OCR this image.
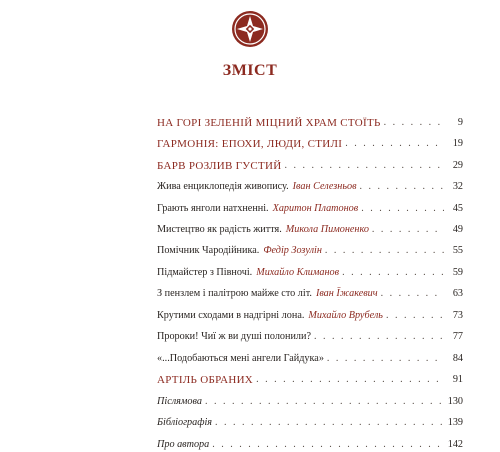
ЗМІСТ
НА ГОРІ ЗЕЛЕНІЙ МІЦНИЙ ХРАМ СТОЇТЬ . . .	9
ГАРМОНІЯ: ЕПОХИ, ЛЮДИ, СТИЛІ . . .	19
БАРВ РОЗЛИВ ГУСТИЙ . . .	29
Жива енциклопедія живопису. Іван Селезньов . . .	32
Грають янголи натхненні. Харитон Платонов . . .	45
Мистецтво як радість життя. Микола Пимоненко . . .	49
Помічник Чародійника. Федір Зозулін . . .	55
Підмайстер з Півночі. Михайло Климанов . . .	59
З пензлем і палітрою майже сто літ. Іван Їжакевич . . .	63
Крутими сходами в надгірні лона. Михайло Врубель . . .	73
Пророки! Чиї ж ви душі полонили? . . .	77
«...Подобаються мені ангели Гайдука» . . .	84
АРТІЛЬ ОБРАНИХ . . .	91
Післямова . . .	130
Бібліографія . . .	139
Про автора . . .	142
